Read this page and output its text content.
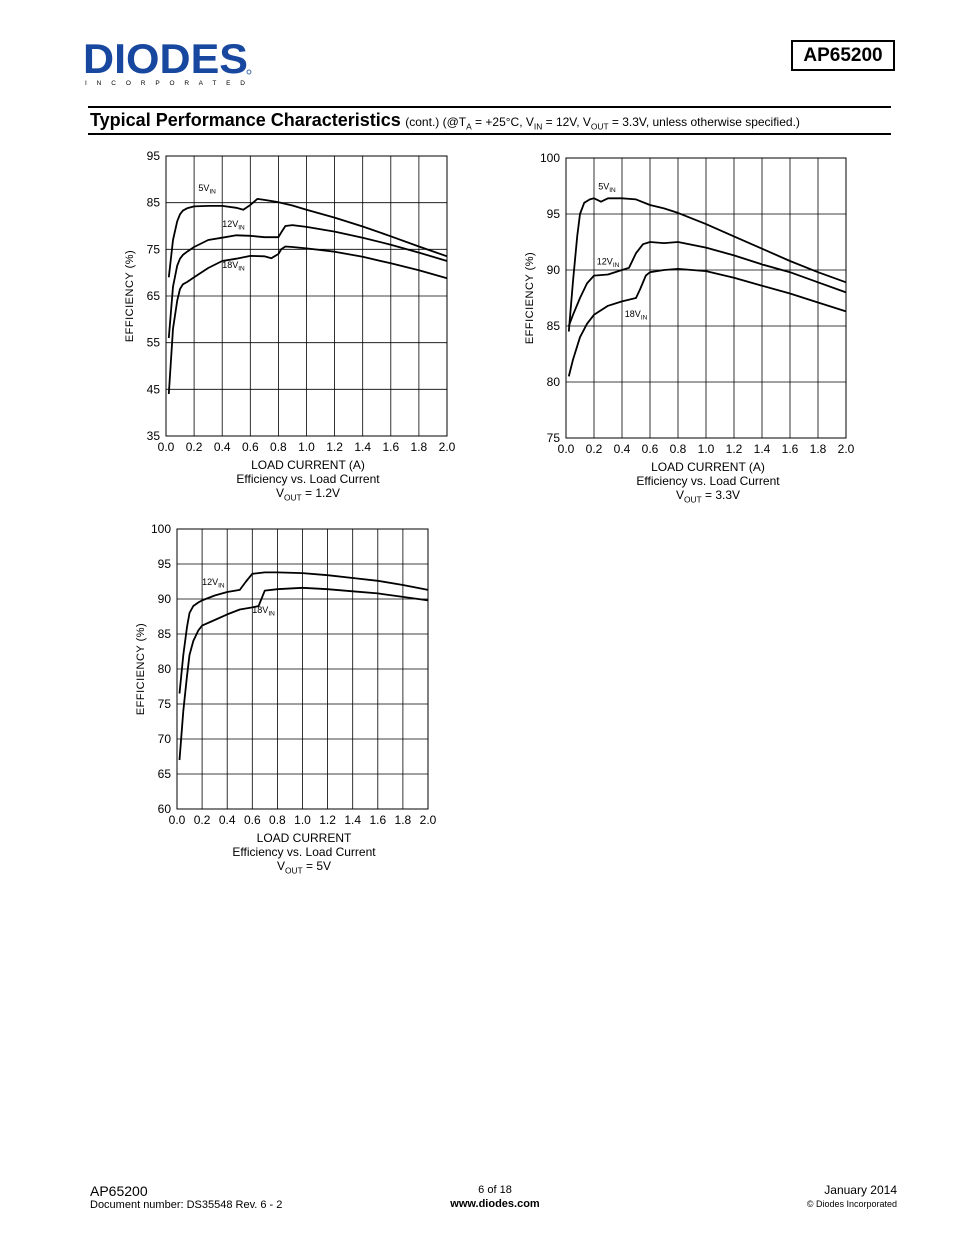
DIODES
I N C O R P O R A T E D
AP65200
Typical Performance Characteristics (cont.) ($@T_A = +25^\circ C$, $V_{IN} = 12V$, $V_{OUT} = 3.3V$, unless otherwise specified.)
0.0 0.2 0.4 0.6 0.8 1.0 1.2 1.4 1.6 1.8 2.0
35
45
55
65
75
85
95
EFFICIENCY (%)
$5V_{IN}$
$12V_{IN}$
$18V_{IN}$
LOAD CURRENT (A)
Efficiency vs. Load Current
$V_{OUT} = 1.2V$
0.0 0.2 0.4 0.6 0.8 1.0 1.2 1.4 1.6 1.8 2.0
75
80
85
90
95
100
EFFICIENCY (%)
$5V_{IN}$
$12V_{IN}$
$18V_{IN}$
LOAD CURRENT (A)
Efficiency vs. Load Current
$V_{OUT} = 3.3V$
0.0 0.2 0.4 0.6 0.8 1.0 1.2 1.4 1.6 1.8 2.0
60
65
70
75
80
85
90
95
100
EFFICIENCY (%)
$12V_{IN}$
$18V_{IN}$
LOAD CURRENT
Efficiency vs. Load Current
$V_{OUT} = 5V$
AP65200
Document number: DS35548 Rev. 6 - 2
6 of 18
www.diodes.com
January 2014
© Diodes Incorporated
